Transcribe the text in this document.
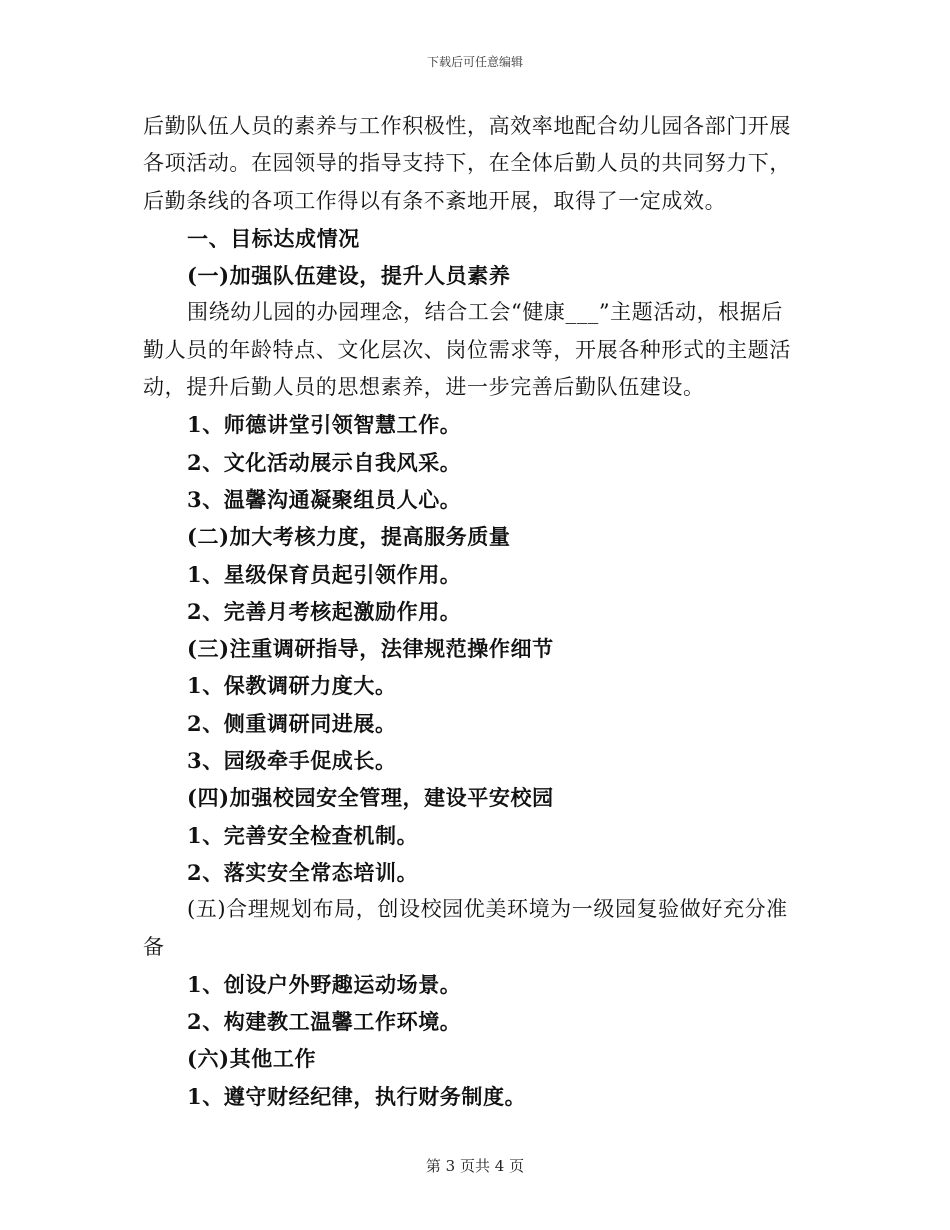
下载后可任意编辑
后勤队伍人员的素养与工作积极性，高效率地配合幼儿园各部门开展
各项活动。在园领导的指导支持下，在全体后勤人员的共同努力下，
后勤条线的各项工作得以有条不紊地开展，取得了一定成效。
一、目标达成情况
(一)加强队伍建设，提升人员素养
围绕幼儿园的办园理念，结合工会“健康___”主题活动，根据后
勤人员的年龄特点、文化层次、岗位需求等，开展各种形式的主题活
动，提升后勤人员的思想素养，进一步完善后勤队伍建设。
1、师德讲堂引领智慧工作。
2、文化活动展示自我风采。
3、温馨沟通凝聚组员人心。
(二)加大考核力度，提高服务质量
1、星级保育员起引领作用。
2、完善月考核起激励作用。
(三)注重调研指导，法律规范操作细节
1、保教调研力度大。
2、侧重调研同进展。
3、园级牵手促成长。
(四)加强校园安全管理，建设平安校园
1、完善安全检查机制。
2、落实安全常态培训。
(五)合理规划布局，创设校园优美环境为一级园复验做好充分准
备
1、创设户外野趣运动场景。
2、构建教工温馨工作环境。
(六)其他工作
1、遵守财经纪律，执行财务制度。
第 3 页共 4 页
